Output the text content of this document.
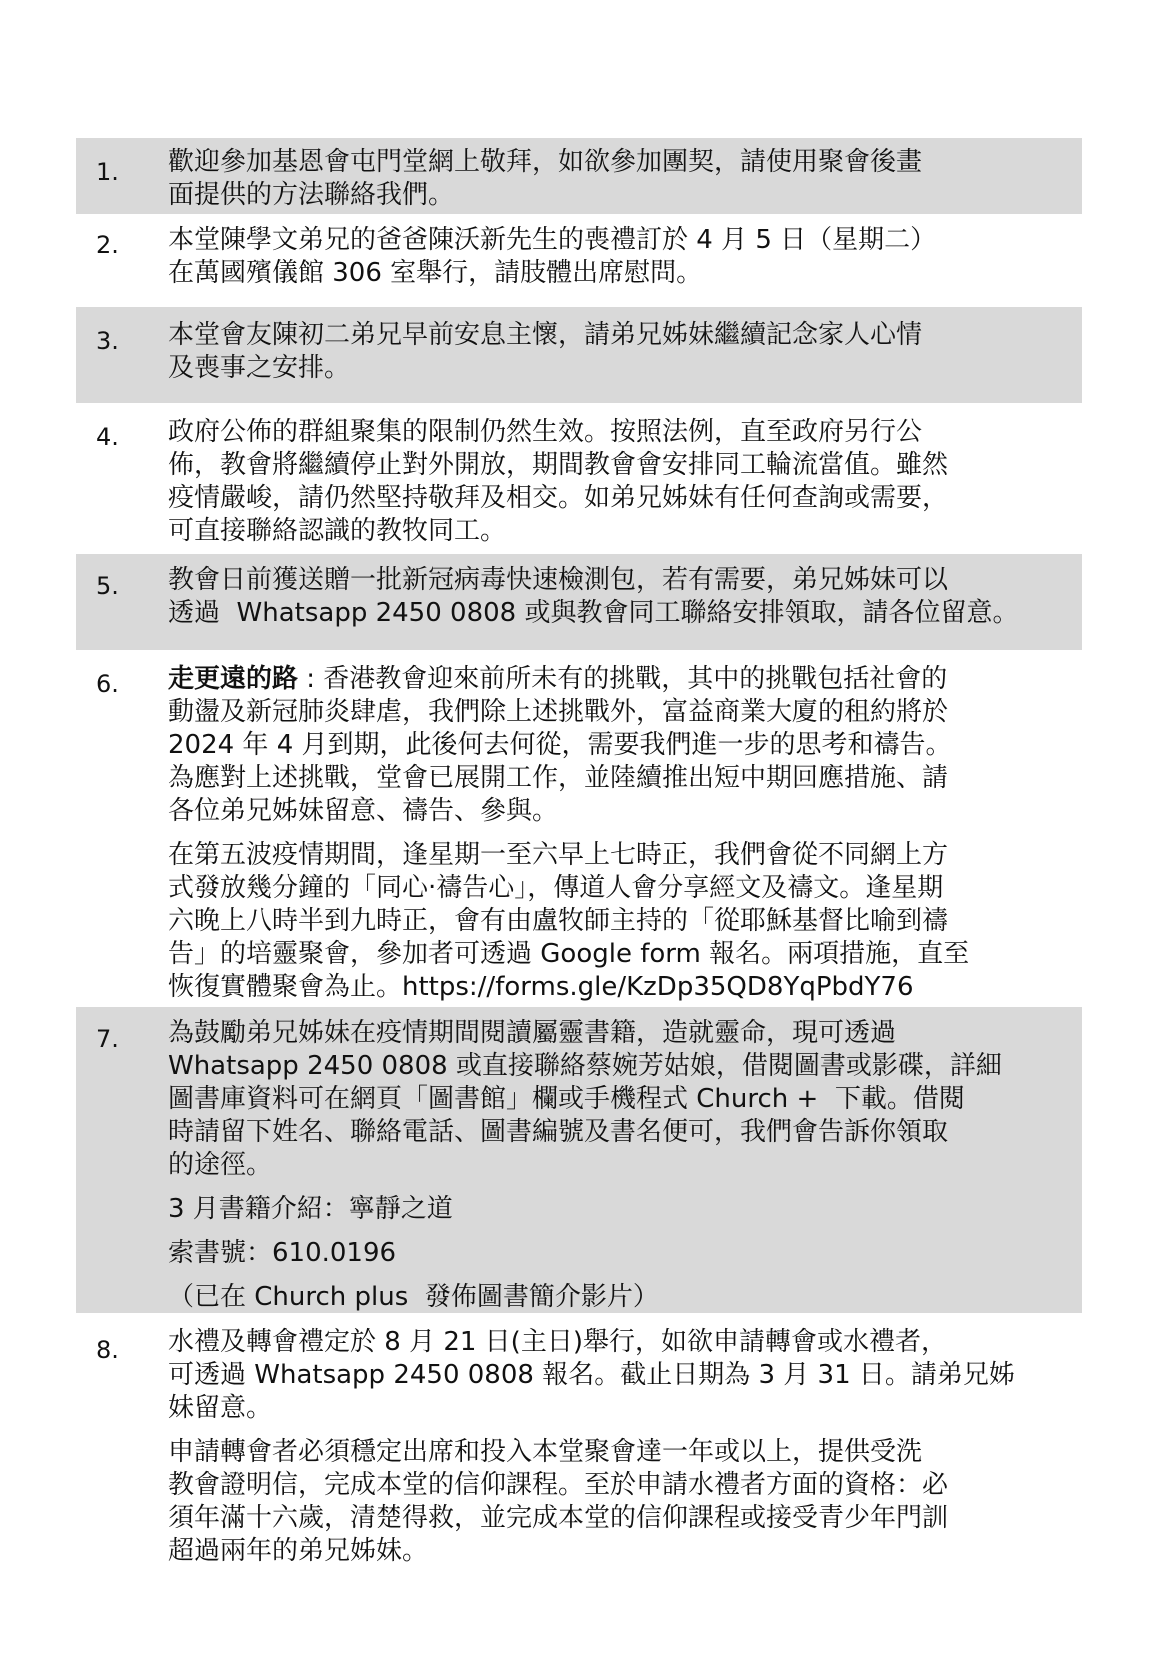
1. 歡迎參加基恩會屯門堂網上敬拜，如欲參加團契，請使用聚會後畫

面提供的方法聯絡我們。

2. 本堂陳學文弟兄的爸爸陳沃新先生的喪禮訂於 4 月 5 日（星期二）

在萬國殯儀館 306 室舉行，請肢體出席慰問。

3. 本堂會友陳初二弟兄早前安息主懷，請弟兄姊妹繼續記念家人心情

及喪事之安排。

4. 政府公佈的群組聚集的限制仍然生效。按照法例，直至政府另行公

佈，教會將繼續停止對外開放，期間教會會安排同工輪流當值。雖然

疫情嚴峻，請仍然堅持敬拜及相交。如弟兄姊妹有任何查詢或需要，

可直接聯絡認識的教牧同工。

5. 教會日前獲送贈一批新冠病毒快速檢測包，若有需要，弟兄姊妹可以

透過  Whatsapp 2450 0808 或與教會同工聯絡安排領取，請各位留意。

6. 走更遠的路 : 香港教會迎來前所未有的挑戰，其中的挑戰包括社會的

動盪及新冠肺炎肆虐，我們除上述挑戰外，富益商業大廈的租約將於

2024 年 4 月到期，此後何去何從，需要我們進一步的思考和禱告。

為應對上述挑戰，堂會已展開工作，並陸續推出短中期回應措施、請

各位弟兄姊妹留意、禱告、參與。

在第五波疫情期間，逢星期一至六早上七時正，我們會從不同網上方

式發放幾分鐘的「同心‧禱告心」，傳道人會分享經文及禱文。逢星期

六晚上八時半到九時正，會有由盧牧師主持的「從耶穌基督比喻到禱

告」的培靈聚會，參加者可透過 Google form 報名。兩項措施，直至

恢復實體聚會為止。https://forms.gle/KzDp35QD8YqPbdY76

7. 為鼓勵弟兄姊妹在疫情期間閱讀屬靈書籍，造就靈命，現可透過

Whatsapp 2450 0808 或直接聯絡蔡婉芳姑娘，借閱圖書或影碟，詳細

圖書庫資料可在網頁「圖書館」欄或手機程式 Church +  下載。借閱

時請留下姓名、聯絡電話、圖書編號及書名便可，我們會告訴你領取

的途徑。

3 月書籍介紹：寧靜之道

索書號：610.0196

（已在 Church plus  發佈圖書簡介影片）

8. 水禮及轉會禮定於 8 月 21 日(主日)舉行，如欲申請轉會或水禮者，

可透過 Whatsapp 2450 0808 報名。截止日期為 3 月 31 日。請弟兄姊

妹留意。

申請轉會者必須穩定出席和投入本堂聚會達一年或以上，提供受洗

教會證明信，完成本堂的信仰課程。至於申請水禮者方面的資格：必

須年滿十六歲，清楚得救，並完成本堂的信仰課程或接受青少年門訓

超過兩年的弟兄姊妹。
